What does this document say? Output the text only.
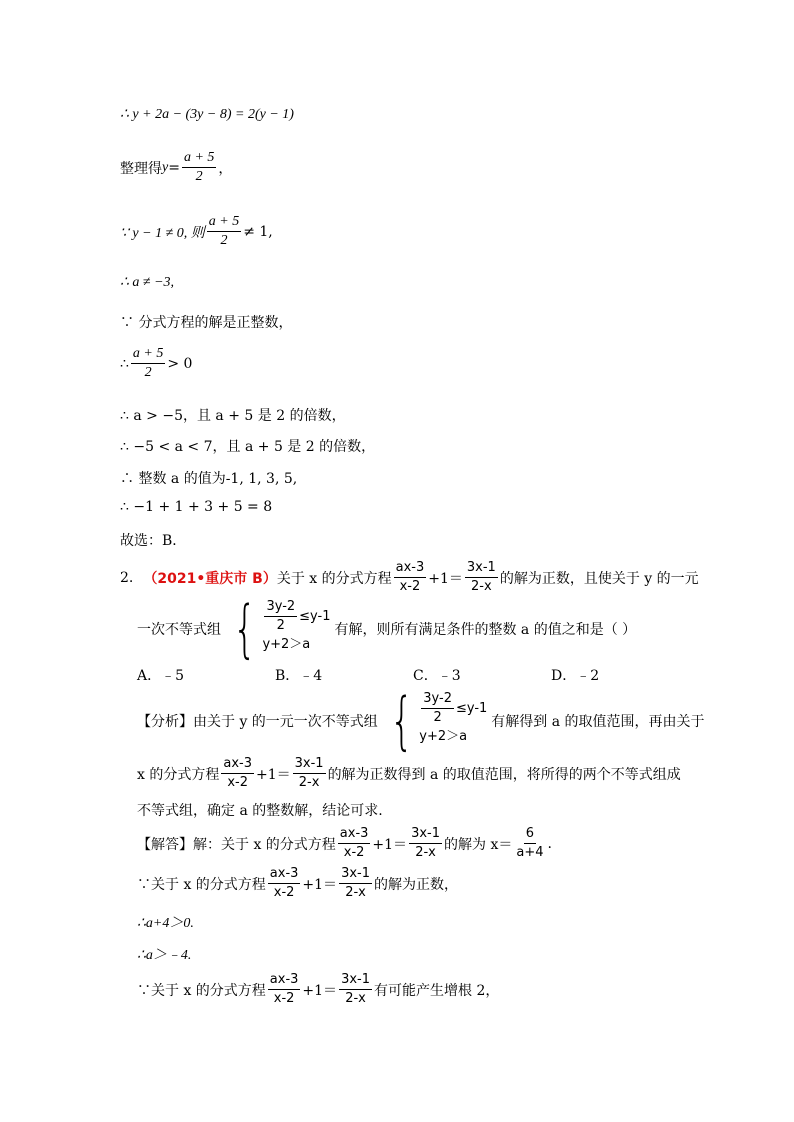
∴ y + 2a − (3y − 8) = 2(y − 1)
整理得 $y = \frac{a + 5}{2}$ ，
∵ y − 1 ≠ 0, 则 $\frac{a + 5}{2} \ne 1$,
∴ a ≠ −3,
∵ 分式方程的解是正整数，
∴ $\frac{a + 5}{2} > 0$
∴ a > −5，且 a + 5 是 2 的倍数，
∴ −5 < a < 7，且 a + 5 是 2 的倍数，
∴ 整数 a 的值为-1, 1, 3, 5,
∴ −1 + 1 + 3 + 5 = 8
故选：B．
2. （2021•重庆市 B） 关于 x 的分式方程 $\frac{ax-3}{x-2} +1= \frac{3x-1}{2-x}$ 的解为正数，且使关于 y 的一元
一次不等式组 { $\frac{3y-2}{2} \le y-1$
y+2＞a
有解，则所有满足条件的整数 a 的值之和是（ ）
A．﹣5	B．﹣4	C．﹣3	D．﹣2
【分析】 由关于 y 的一元一次不等式组 { $\frac{3y-2}{2} \le y-1$
y+2＞a
有解得到 a 的取值范围，再由关于
x 的分式方程 $\frac{ax-3}{x-2} +1= \frac{3x-1}{2-x}$ 的解为正数得到 a 的取值范围，将所得的两个不等式组成
不等式组，确定 a 的整数解，结论可求.
【解答】 解：关于 x 的分式方程 $\frac{ax-3}{x-2} +1= \frac{3x-1}{2-x}$ 的解为 $x= \frac{6}{a+4}$ .
∵关于 x 的分式方程 $\frac{ax-3}{x-2} +1= \frac{3x-1}{2-x}$ 的解为正数，
∴a+4＞0.
∴a＞﹣4.
∵关于 x 的分式方程 $\frac{ax-3}{x-2} +1= \frac{3x-1}{2-x}$ 有可能产生增根 2，
